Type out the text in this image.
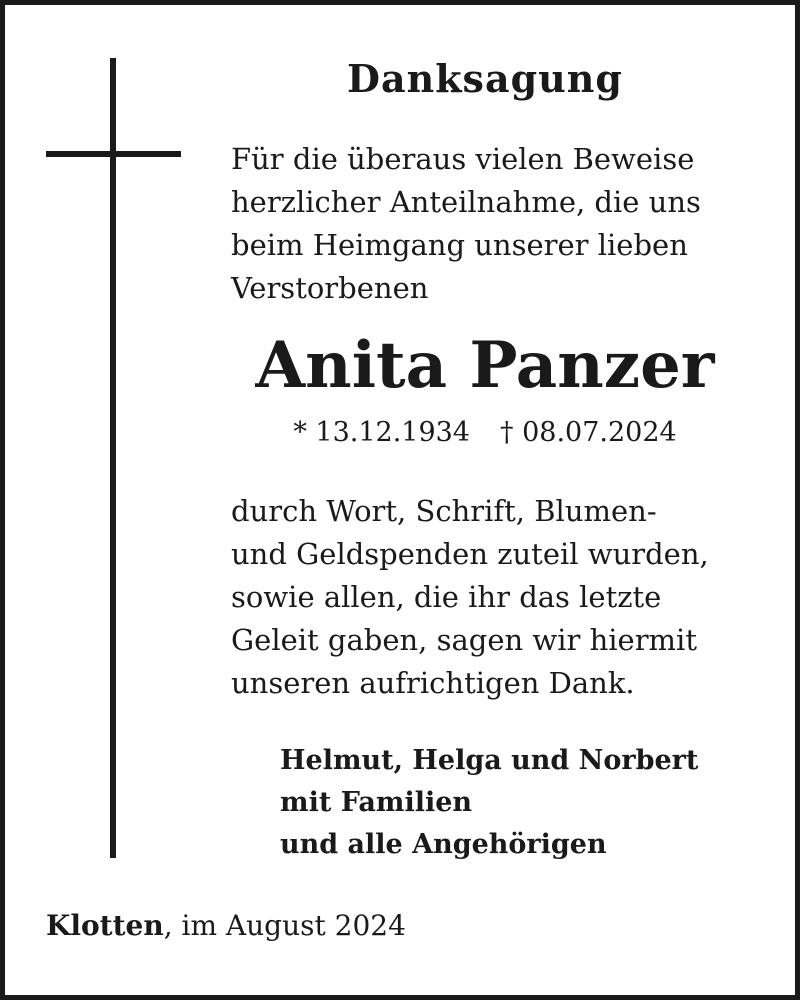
Danksagung
Für die überaus vielen Beweise
herzlicher Anteilnahme, die uns
beim Heimgang unserer lieben
Verstorbenen
Anita Panzer
* 13.12.1934 † 08.07.2024
durch Wort, Schrift, Blumen-
und Geldspenden zuteil wurden,
sowie allen, die ihr das letzte
Geleit gaben, sagen wir hiermit
unseren aufrichtigen Dank.
Helmut, Helga und Norbert
mit Familien
und alle Angehörigen
Klotten, im August 2024
